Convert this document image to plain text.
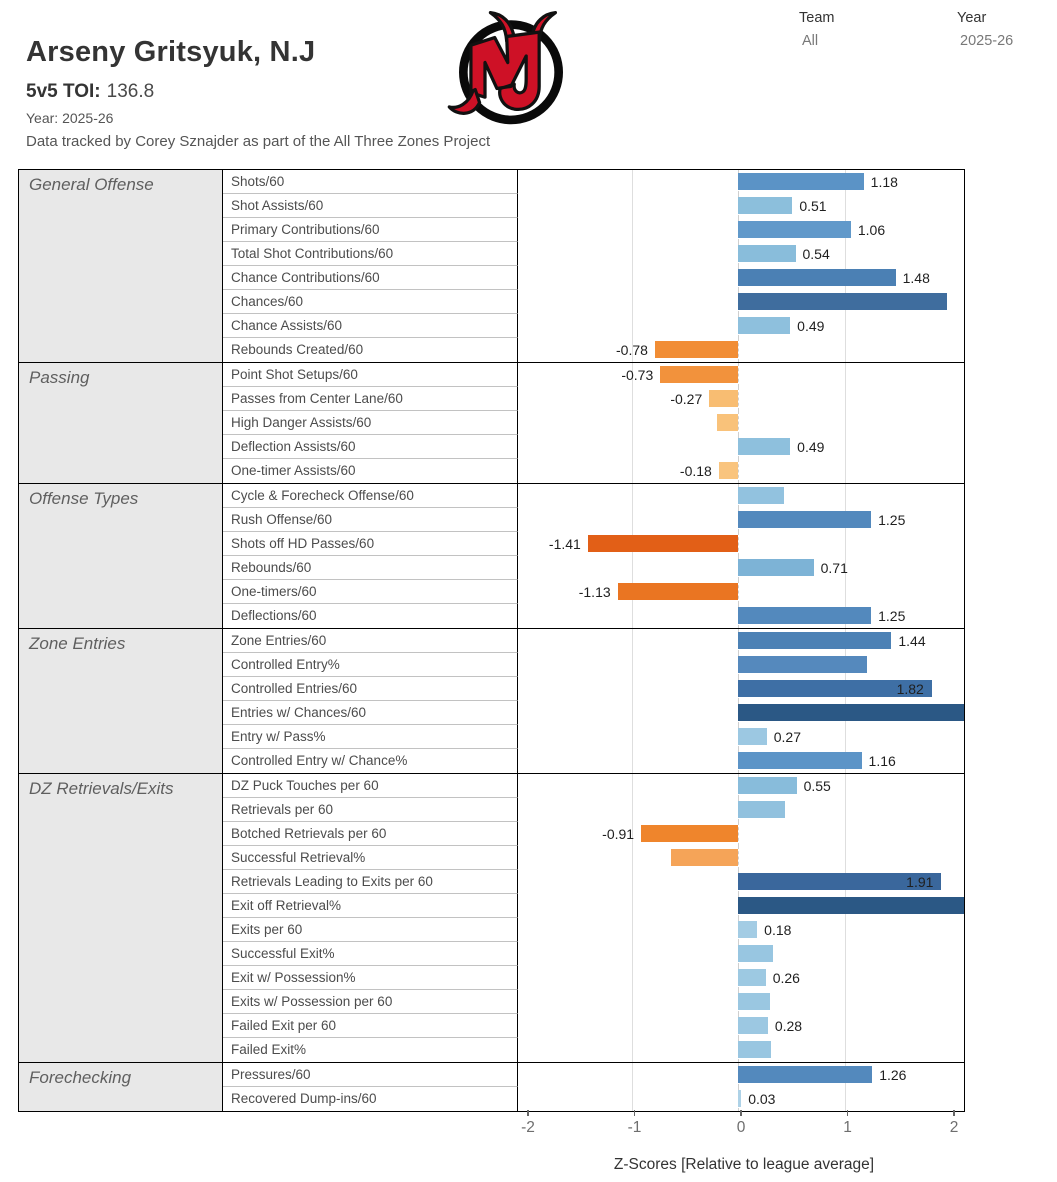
Arseny Gritsyuk, N.J
5v5 TOI: 136.8
Year: 2025-26
Data tracked by Corey Sznajder as part of the All Three Zones Project
Team
All
Year
2025-26
General Offense	Shots/60	1.18
Shot Assists/60	0.51
Primary Contributions/60	1.06
Total Shot Contributions/60	0.54
Chance Contributions/60	1.48
Chances/60
Chance Assists/60	0.49
Rebounds Created/60	-0.78
Passing	Point Shot Setups/60	-0.73
Passes from Center Lane/60	-0.27
High Danger Assists/60
Deflection Assists/60	0.49
One-timer Assists/60	-0.18
Offense Types	Cycle & Forecheck Offense/60
Rush Offense/60	1.25
Shots off HD Passes/60	-1.41
Rebounds/60	0.71
One-timers/60	-1.13
Deflections/60	1.25
Zone Entries	Zone Entries/60	1.44
Controlled Entry%
Controlled Entries/60	1.82
Entries w/ Chances/60
Entry w/ Pass%	0.27
Controlled Entry w/ Chance%	1.16
DZ Retrievals/Exits	DZ Puck Touches per 60	0.55
Retrievals per 60
Botched Retrievals per 60	-0.91
Successful Retrieval%
Retrievals Leading to Exits per 60	1.91
Exit off Retrieval%
Exits per 60	0.18
Successful Exit%
Exit w/ Possession%	0.26
Exits w/ Possession per 60
Failed Exit per 60	0.28
Failed Exit%
Forechecking	Pressures/60	1.26
Recovered Dump-ins/60	0.03
-2	-1	0	1	2
Z-Scores [Relative to league average]
